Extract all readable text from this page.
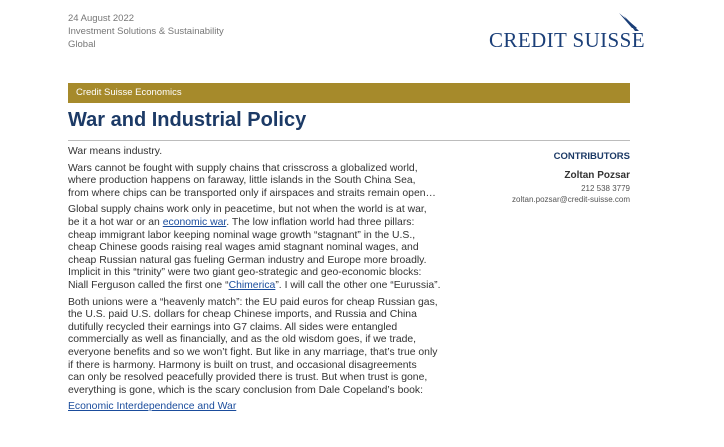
24 August 2022
Investment Solutions & Sustainability
Global	CREDIT SUISSE
Credit Suisse Economics
War and Industrial Policy

War means industry.

Wars cannot be fought with supply chains that crisscross a globalized world,
where production happens on faraway, little islands in the South China Sea,
from where chips can be transported only if airspaces and straits remain open…

Global supply chains work only in peacetime, but not when the world is at war,
be it a hot war or an economic war. The low inflation world had three pillars:
cheap immigrant labor keeping nominal wage growth “stagnant” in the U.S.,
cheap Chinese goods raising real wages amid stagnant nominal wages, and
cheap Russian natural gas fueling German industry and Europe more broadly.
Implicit in this “trinity” were two giant geo-strategic and geo-economic blocks:
Niall Ferguson called the first one “Chimerica”. I will call the other one “Eurussia”.

Both unions were a “heavenly match”: the EU paid euros for cheap Russian gas,
the U.S. paid U.S. dollars for cheap Chinese imports, and Russia and China
dutifully recycled their earnings into G7 claims. All sides were entangled
commercially as well as financially, and as the old wisdom goes, if we trade,
everyone benefits and so we won’t fight. But like in any marriage, that’s true only
if there is harmony. Harmony is built on trust, and occasional disagreements
can only be resolved peacefully provided there is trust. But when trust is gone,
everything is gone, which is the scary conclusion from Dale Copeland’s book:

Economic Interdependence and War

CONTRIBUTORS
Zoltan Pozsar
212 538 3779
zoltan.pozsar@credit-suisse.com
